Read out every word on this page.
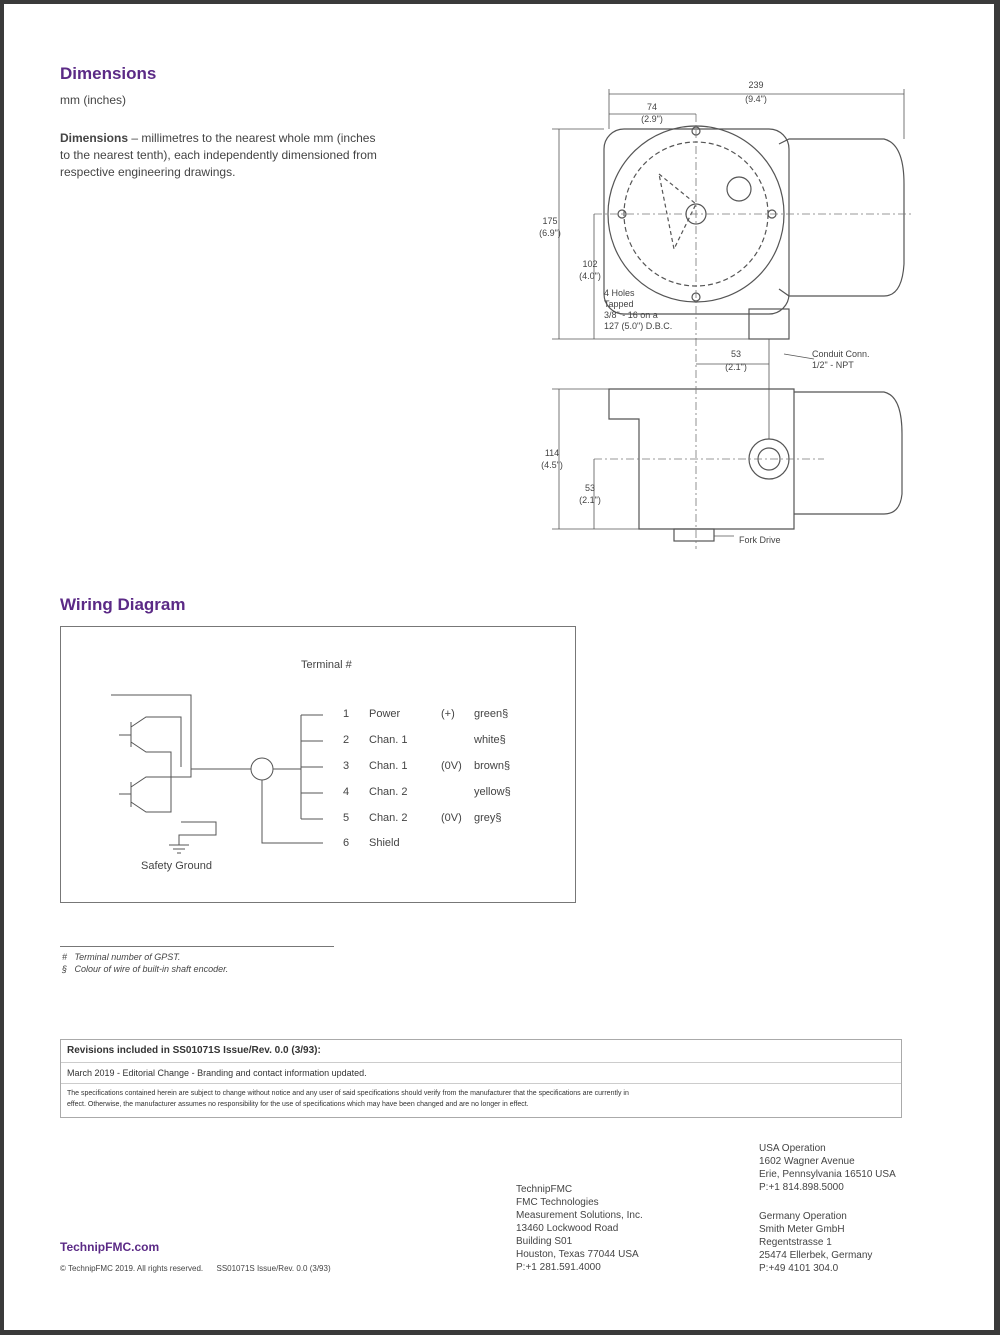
Dimensions
mm (inches)
Dimensions – millimetres to the nearest whole mm (inches
to the nearest tenth), each independently dimensioned from
respective engineering drawings.
239
(9.4")
74
(2.9")
175
(6.9")
102
(4.0")
4 Holes
Tapped
3/8" - 16 on a
127 (5.0") D.B.C.
53
(2.1")
Conduit Conn.
1/2" - NPT
114
(4.5")
53
(2.1")
Fork Drive
Wiring Diagram
Terminal #
Safety Ground
1 Power	(+) green§
2 Chan. 1	white§
3 Chan. 1	(0V) brown§
4 Chan. 2	yellow§
5 Chan. 2	(0V) grey§
6 Shield
#   Terminal number of GPST.
§   Colour of wire of built-in shaft encoder.
Revisions included in SS01071S Issue/Rev. 0.0 (3/93):
March 2019 - Editorial Change - Branding and contact information updated.
The specifications contained herein are subject to change without notice and any user of said specifications should verify from the manufacturer that the specifications are currently in
effect. Otherwise, the manufacturer assumes no responsibility for the use of specifications which may have been changed and are no longer in effect.
TechnipFMC.com
© TechnipFMC 2019. All rights reserved.      SS01071S Issue/Rev. 0.0 (3/93)
TechnipFMC
FMC Technologies
Measurement Solutions, Inc.
13460 Lockwood Road
Building S01
Houston, Texas 77044 USA
P:+1 281.591.4000
USA Operation
1602 Wagner Avenue
Erie, Pennsylvania 16510 USA
P:+1 814.898.5000
Germany Operation
Smith Meter GmbH
Regentstrasse 1
25474 Ellerbek, Germany
P:+49 4101 304.0
